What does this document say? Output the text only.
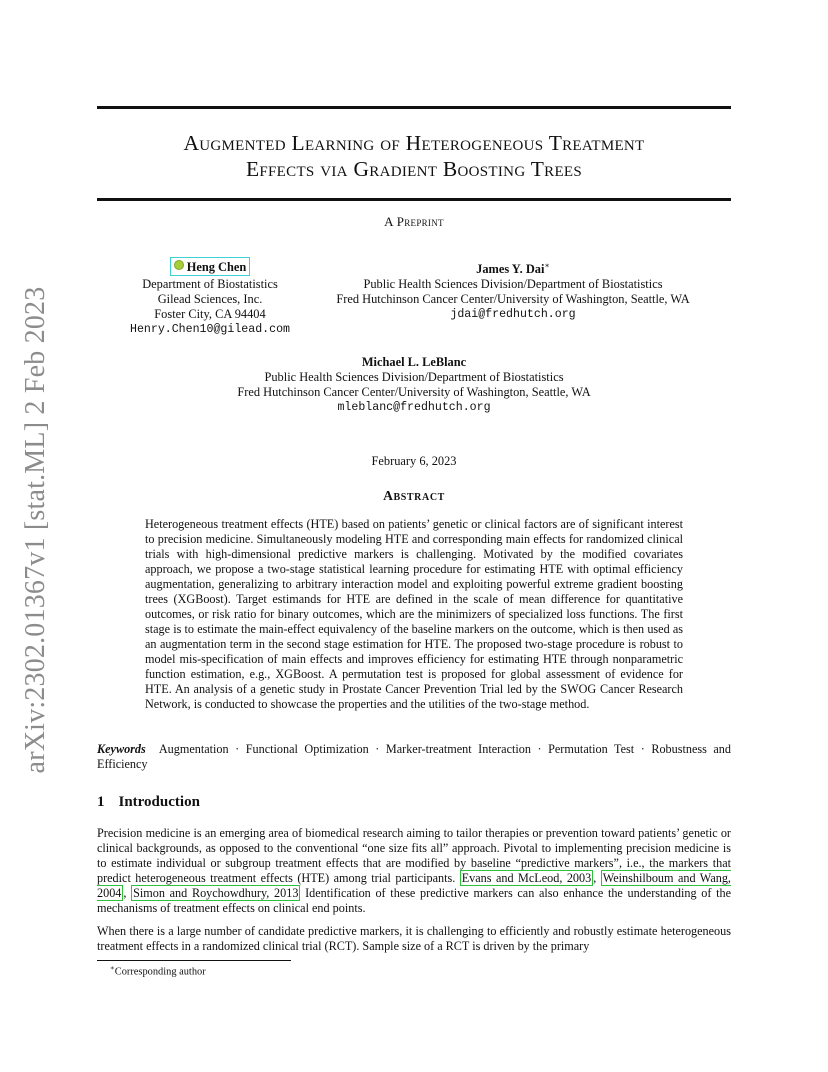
arXiv:2302.01367v1 [stat.ML] 2 Feb 2023
Augmented Learning of Heterogeneous Treatment
Effects via Gradient Boosting Trees
A Preprint
Heng Chen
Department of Biostatistics
Gilead Sciences, Inc.
Foster City, CA 94404
Henry.Chen10@gilead.com
James Y. Dai∗
Public Health Sciences Division/Department of Biostatistics
Fred Hutchinson Cancer Center/University of Washington, Seattle, WA
jdai@fredhutch.org
Michael L. LeBlanc
Public Health Sciences Division/Department of Biostatistics
Fred Hutchinson Cancer Center/University of Washington, Seattle, WA
mleblanc@fredhutch.org
February 6, 2023
Abstract
Heterogeneous treatment effects (HTE) based on patients’ genetic or clinical factors are of significant interest to precision medicine. Simultaneously modeling HTE and corresponding main effects for randomized clinical trials with high-dimensional predictive markers is challenging. Motivated by the modified covariates approach, we propose a two-stage statistical learning procedure for estimating HTE with optimal efficiency augmentation, generalizing to arbitrary interaction model and exploiting powerful extreme gradient boosting trees (XGBoost). Target estimands for HTE are defined in the scale of mean difference for quantitative outcomes, or risk ratio for binary outcomes, which are the minimizers of specialized loss functions. The first stage is to estimate the main-effect equivalency of the baseline markers on the outcome, which is then used as an augmentation term in the second stage estimation for HTE. The proposed two-stage procedure is robust to model mis-specification of main effects and improves efficiency for estimating HTE through nonparametric function estimation, e.g., XGBoost. A permutation test is proposed for global assessment of evidence for HTE. An analysis of a genetic study in Prostate Cancer Prevention Trial led by the SWOG Cancer Research Network, is conducted to showcase the properties and the utilities of the two-stage method.
Keywords Augmentation · Functional Optimization · Marker-treatment Interaction · Permutation Test · Robustness and Efficiency
1 Introduction
Precision medicine is an emerging area of biomedical research aiming to tailor therapies or prevention toward patients’ genetic or clinical backgrounds, as opposed to the conventional “one size fits all” approach. Pivotal to implementing precision medicine is to estimate individual or subgroup treatment effects that are modified by baseline “predictive markers”, i.e., the markers that predict heterogeneous treatment effects (HTE) among trial participants. Evans and McLeod, 2003 , Weinshilboum and Wang, 2004 , Simon and Roychowdhury, 2013 Identification of these predictive markers can also enhance the understanding of the mechanisms of treatment effects on clinical end points.
When there is a large number of candidate predictive markers, it is challenging to efficiently and robustly estimate heterogeneous treatment effects in a randomized clinical trial (RCT). Sample size of a RCT is driven by the primary
∗Corresponding author
